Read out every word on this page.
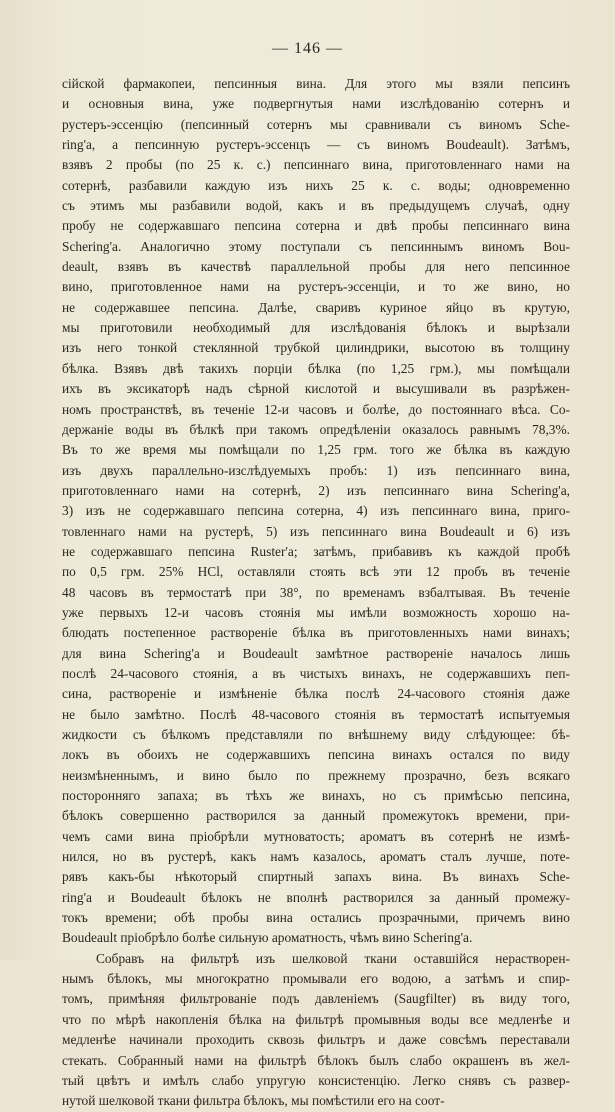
— 146 —

сійской фармакопеи, пепсинныя вина. Для этого мы взяли пепсинъ
и основныя вина, уже подвергнутыя нами изслѣдованію сотернъ и
рустеръ-эссенцію (пепсинный сотернъ мы сравнивали съ виномъ Sche-
ring'а, а пепсинную рустеръ-эссенцъ — съ виномъ Boudeault). Затѣмъ,
взявъ 2 пробы (по 25 к. с.) пепсиннаго вина, приготовленнаго нами на
сотернѣ, разбавили каждую изъ нихъ 25 к. с. воды; одновременно
съ этимъ мы разбавили водой, какъ и въ предыдущемъ случаѣ, одну
пробу не содержавшаго пепсина сотерна и двѣ пробы пепсиннаго вина
Schering'а. Аналогично этому поступали съ пепсиннымъ виномъ Bou-
deault, взявъ въ качествѣ параллельной пробы для него пепсинное
вино, приготовленное нами на рустеръ-эссенціи, и то же вино, но
не содержавшее пепсина. Далѣе, сваривъ куриное яйцо въ крутую,
мы приготовили необходимый для изслѣдованія бѣлокъ и вырѣзали
изъ него тонкой стеклянной трубкой цилиндрики, высотою въ толщину
бѣлка. Взявъ двѣ такихъ порціи бѣлка (по 1,25 грм.), мы помѣщали
ихъ въ эксикаторѣ надъ сѣрной кислотой и высушивали въ разрѣжен-
номъ пространствѣ, въ теченіе 12-и часовъ и болѣе, до постояннаго вѣса. Со-
держаніе воды въ бѣлкѣ при такомъ опредѣленіи оказалось равнымъ 78,3%.
Въ то же время мы помѣщали по 1,25 грм. того же бѣлка въ каждую
изъ двухъ параллельно-изслѣдуемыхъ пробъ: 1) изъ пепсиннаго вина,
приготовленнаго нами на сотернѣ, 2) изъ пепсиннаго вина Schering'а,
3) изъ не содержавшаго пепсина сотерна, 4) изъ пепсиннаго вина, приго-
товленнаго нами на рустерѣ, 5) изъ пепсиннаго вина Boudeault и 6) изъ
не содержавшаго пепсина Ruster'а; затѣмъ, прибавивъ къ каждой пробѣ
по 0,5 грм. 25% HCl, оставляли стоять всѣ эти 12 пробъ въ теченіе
48 часовъ въ термостатѣ при 38°, по временамъ взбалтывая. Въ теченіе
уже первыхъ 12-и часовъ стоянія мы имѣли возможность хорошо на-
блюдать постепенное раствореніе бѣлка въ приготовленныхъ нами винахъ;
для вина Schering'а и Boudeault замѣтное раствореніе началось лишь
послѣ 24-часового стоянія, а въ чистыхъ винахъ, не содержавшихъ пеп-
сина, раствореніе и измѣненіе бѣлка послѣ 24-часового стоянія даже
не было замѣтно. Послѣ 48-часового стоянія въ термостатѣ испытуемыя
жидкости съ бѣлкомъ представляли по внѣшнему виду слѣдующее: бѣ-
локъ въ обоихъ не содержавшихъ пепсина винахъ остался по виду
неизмѣненнымъ, и вино было по прежнему прозрачно, безъ всякаго
посторонняго запаха; въ тѣхъ же винахъ, но съ примѣсью пепсина,
бѣлокъ совершенно растворился за данный промежутокъ времени, при-
чемъ сами вина пріобрѣли мутноватость; ароматъ въ сотернѣ не измѣ-
нился, но въ рустерѣ, какъ намъ казалось, ароматъ сталъ лучше, поте-
рявъ какъ-бы нѣкоторый спиртный запахъ вина. Въ винахъ Sche-
ring'а и Boudeault бѣлокъ не вполнѣ растворился за данный промежу-
токъ времени; обѣ пробы вина остались прозрачными, причемъ вино
Boudeault пріобрѣло болѣе сильную ароматность, чѣмъ вино Schering'а.

Собравъ на фильтрѣ изъ шелковой ткани оставшійся нерастворен-
нымъ бѣлокъ, мы многократно промывали его водою, а затѣмъ и спир-
томъ, примѣняя фильтрованіе подъ давленіемъ (Saugfilter) въ виду того,
что по мѣрѣ накопленія бѣлка на фильтрѣ промывныя воды все медленѣе и
медленѣе начинали проходить сквозь фильтръ и даже совсѣмъ переставали
стекать. Собранный нами на фильтрѣ бѣлокъ былъ слабо окрашенъ въ жел-
тый цвѣтъ и имѣлъ слабо упругую консистенцію. Легко снявъ съ развер-
нутой шелковой ткани фильтра бѣлокъ, мы помѣстили его на соот-
